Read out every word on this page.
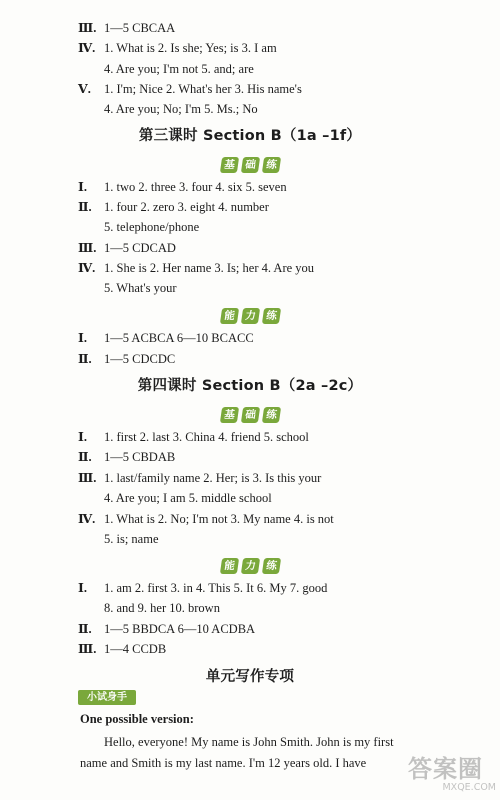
Ⅲ. 1—5 CBCAA
Ⅳ. 1. What is 2. Is she; Yes; is 3. I am
4. Are you; I'm not 5. and; are
Ⅴ.	1. I'm; Nice 2. What's her 3. His name's
4. Are you; No; I'm 5. Ms.; No
第三课时 Section B（1a –1f）
基 础 练
Ⅰ.	1. two 2. three 3. four 4. six 5. seven
Ⅱ. 1. four 2. zero 3. eight 4. number
5. telephone/phone
Ⅲ. 1—5 CDCAD
Ⅳ. 1. She is 2. Her name 3. Is; her 4. Are you
5. What's your
能 力 练
Ⅰ.	1—5 ACBCA 6—10 BCACC
Ⅱ. 1—5 CDCDC
第四课时 Section B（2a –2c）
基 础 练
Ⅰ.	1. first 2. last 3. China 4. friend 5. school
Ⅱ. 1—5 CBDAB
Ⅲ. 1. last/family name 2. Her; is 3. Is this your
4. Are you; I am 5. middle school
Ⅳ. 1. What is 2. No; I'm not 3. My name 4. is not
5. is; name
能 力 练
Ⅰ.	1. am 2. first 3. in 4. This 5. It 6. My 7. good
8. and 9. her 10. brown
Ⅱ. 1—5 BBDCA 6—10 ACDBA
Ⅲ. 1—4 CCDB
单元写作专项
小试身手
One possible version:
Hello, everyone! My name is John Smith. John is my first
name and Smith is my last name. I'm 12 years old. I have	答案圈
MXQE.COM
